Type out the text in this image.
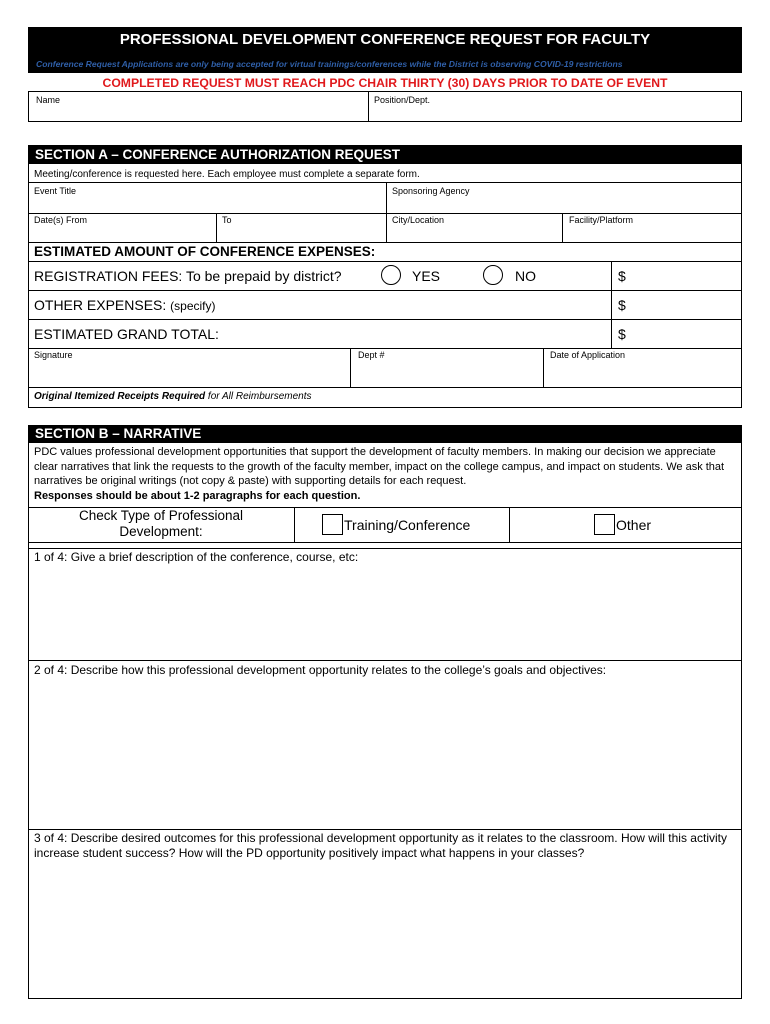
PROFESSIONAL DEVELOPMENT CONFERENCE REQUEST FOR FACULTY
Conference Request Applications are only being accepted for virtual trainings/conferences while the District is observing COVID-19 restrictions
COMPLETED REQUEST MUST REACH PDC CHAIR THIRTY (30) DAYS PRIOR TO DATE OF EVENT
Name	Position/Dept.
SECTION A – CONFERENCE AUTHORIZATION REQUEST
Meeting/conference is requested here. Each employee must complete a separate form.
Event Title	Sponsoring Agency
Date(s) From	To	City/Location	Facility/Platform
ESTIMATED AMOUNT OF CONFERENCE EXPENSES:
REGISTRATION FEES: To be prepaid by district?	YES	NO	$
OTHER EXPENSES: (specify)	$
ESTIMATED GRAND TOTAL:	$
Signature	Dept #	Date of Application
Original Itemized Receipts Required for All Reimbursements
SECTION B – NARRATIVE
PDC values professional development opportunities that support the development of faculty members. In making our decision we appreciate clear narratives that link the requests to the growth of the faculty member, impact on the college campus, and impact on students. We ask that narratives be original writings (not copy & paste) with supporting details for each request.
Responses should be about 1-2 paragraphs for each question.
Check Type of Professional Development:	Training/Conference	Other
1 of 4: Give a brief description of the conference, course, etc:
2 of 4: Describe how this professional development opportunity relates to the college’s goals and objectives:
3 of 4: Describe desired outcomes for this professional development opportunity as it relates to the classroom. How will this activity increase student success? How will the PD opportunity positively impact what happens in your classes?
